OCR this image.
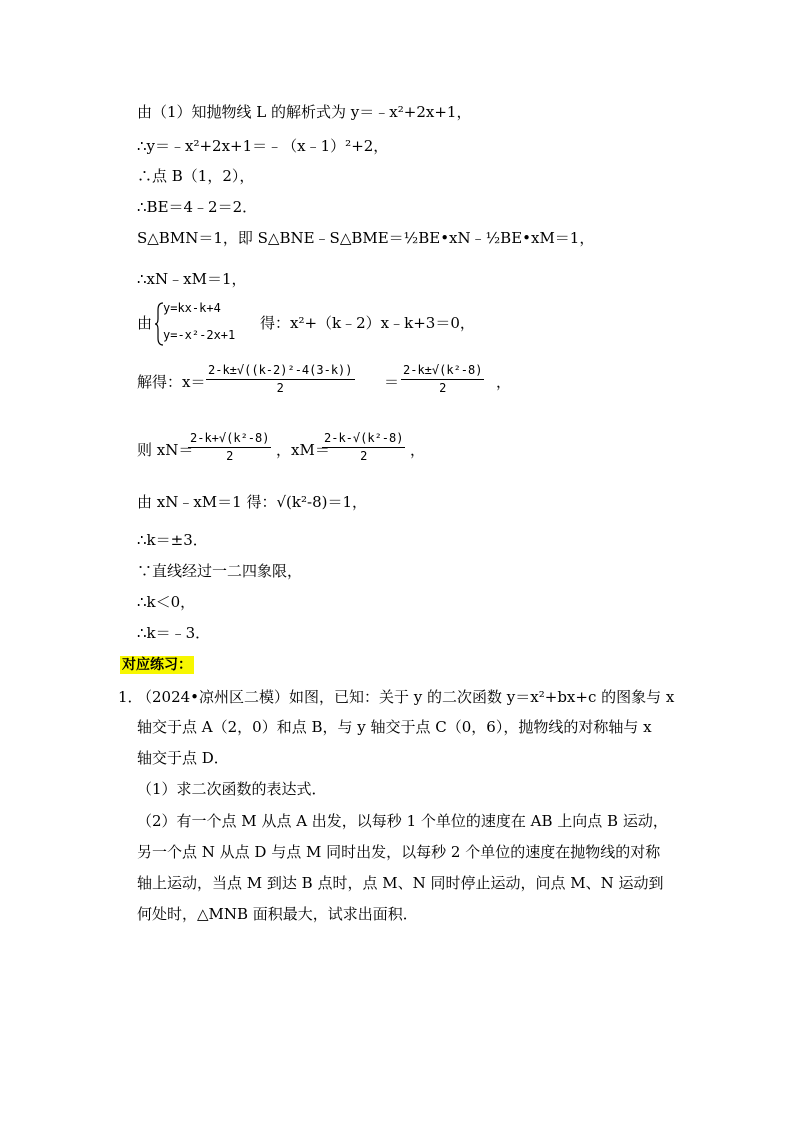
由（1）知抛物线 L 的解析式为 y＝﹣x²+2x+1，
∴y＝﹣x²+2x+1＝﹣（x﹣1）²+2，
∴点 B（1，2），
∴BE＝4﹣2＝2．
S△BMN＝1，即 S△BNE﹣S△BME＝½BE•xN﹣½BE•xM＝1，
∴xN﹣xM＝1，
由
y=kx-k+4
y=-x²-2x+1
得：x²+（k﹣2）x﹣k+3＝0，
解得：$x= \frac{\text{2-k±√((k-2)²-4(3-k))}}{2} = \frac{\text{2-k±√(k²-8)}}{2}$ ，
则 xN＝
$\frac{\text{2-k+√(k²-8)}}{2}$ ，xM＝
$\frac{\text{2-k-√(k²-8)}}{2}$ ，
由 xN﹣xM＝1 得：√(k²-8)＝1，
∴k＝±3．
∵直线经过一二四象限，
∴k＜0，
∴k＝﹣3．
对应练习：
1．
（2024•凉州区二模）如图，已知：关于 y 的二次函数 y＝x²+bx+c 的图象与 x
轴交于点 A（2，0）和点 B，与 y 轴交于点 C（0，6），抛物线的对称轴与 x
轴交于点 D．
（1）求二次函数的表达式．
（2）有一个点 M 从点 A 出发，以每秒 1 个单位的速度在 AB 上向点 B 运动，
另一个点 N 从点 D 与点 M 同时出发，以每秒 2 个单位的速度在抛物线的对称
轴上运动，当点 M 到达 B 点时，点 M、N 同时停止运动，问点 M、N 运动到
何处时，△MNB 面积最大，试求出面积．
